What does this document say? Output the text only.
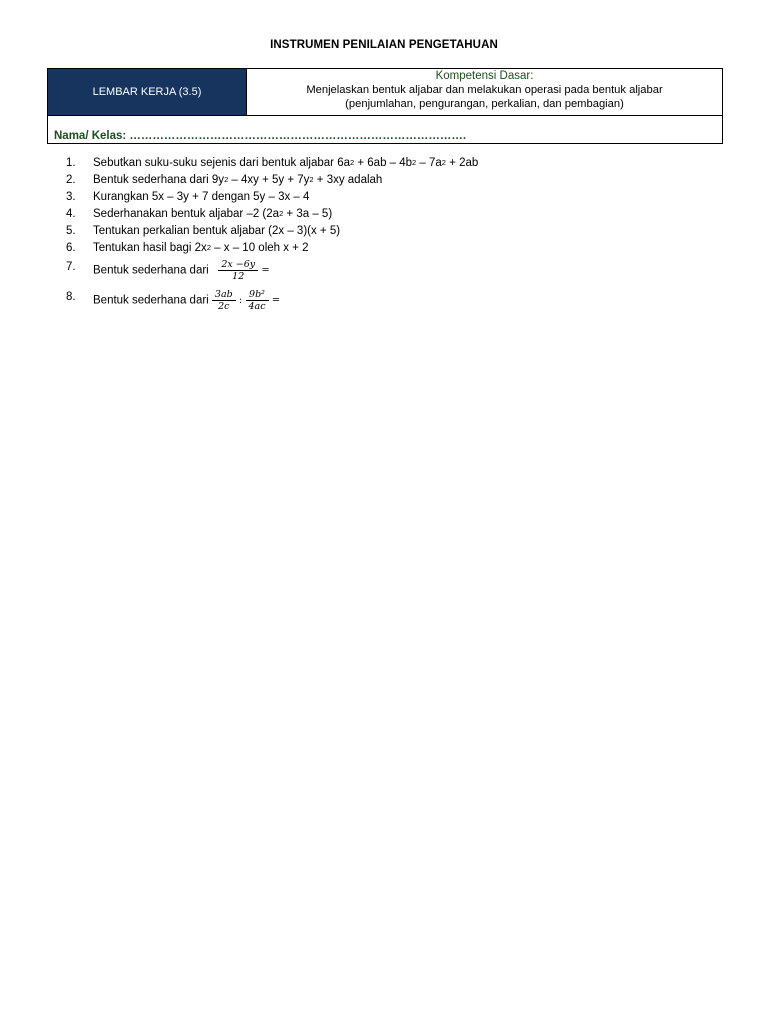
INSTRUMEN PENILAIAN PENGETAHUAN
LEMBAR KERJA (3.5)
Kompetensi Dasar:
Menjelaskan bentuk aljabar dan melakukan operasi pada bentuk aljabar
(penjumlahan, pengurangan, perkalian, dan pembagian)
Nama/ Kelas: …………………………………………………………………………….
1.	Sebutkan suku-suku sejenis dari bentuk aljabar $6a^2 + 6ab - 4b^2 - 7a^2 + 2ab$
2.	Bentuk sederhana dari $9y^2 - 4xy + 5y + 7y^2 + 3xy$ adalah
3.	Kurangkan 5x – 3y + 7 dengan 5y – 3x – 4
4.	Sederhanakan bentuk aljabar –2 $(2a^2 + 3a - 5)$
5.	Tentukan perkalian bentuk aljabar (2x – 3)(x + 5)
6.	Tentukan hasil bagi $2x^2$ – x – 10 oleh x + 2
7.	Bentuk sederhana dari $\frac{2x -6y}{12}$ =
8.	Bentuk sederhana dari $\frac{3ab}{2c}$ : $\frac{\text{9b²}}{4ac}$ =
